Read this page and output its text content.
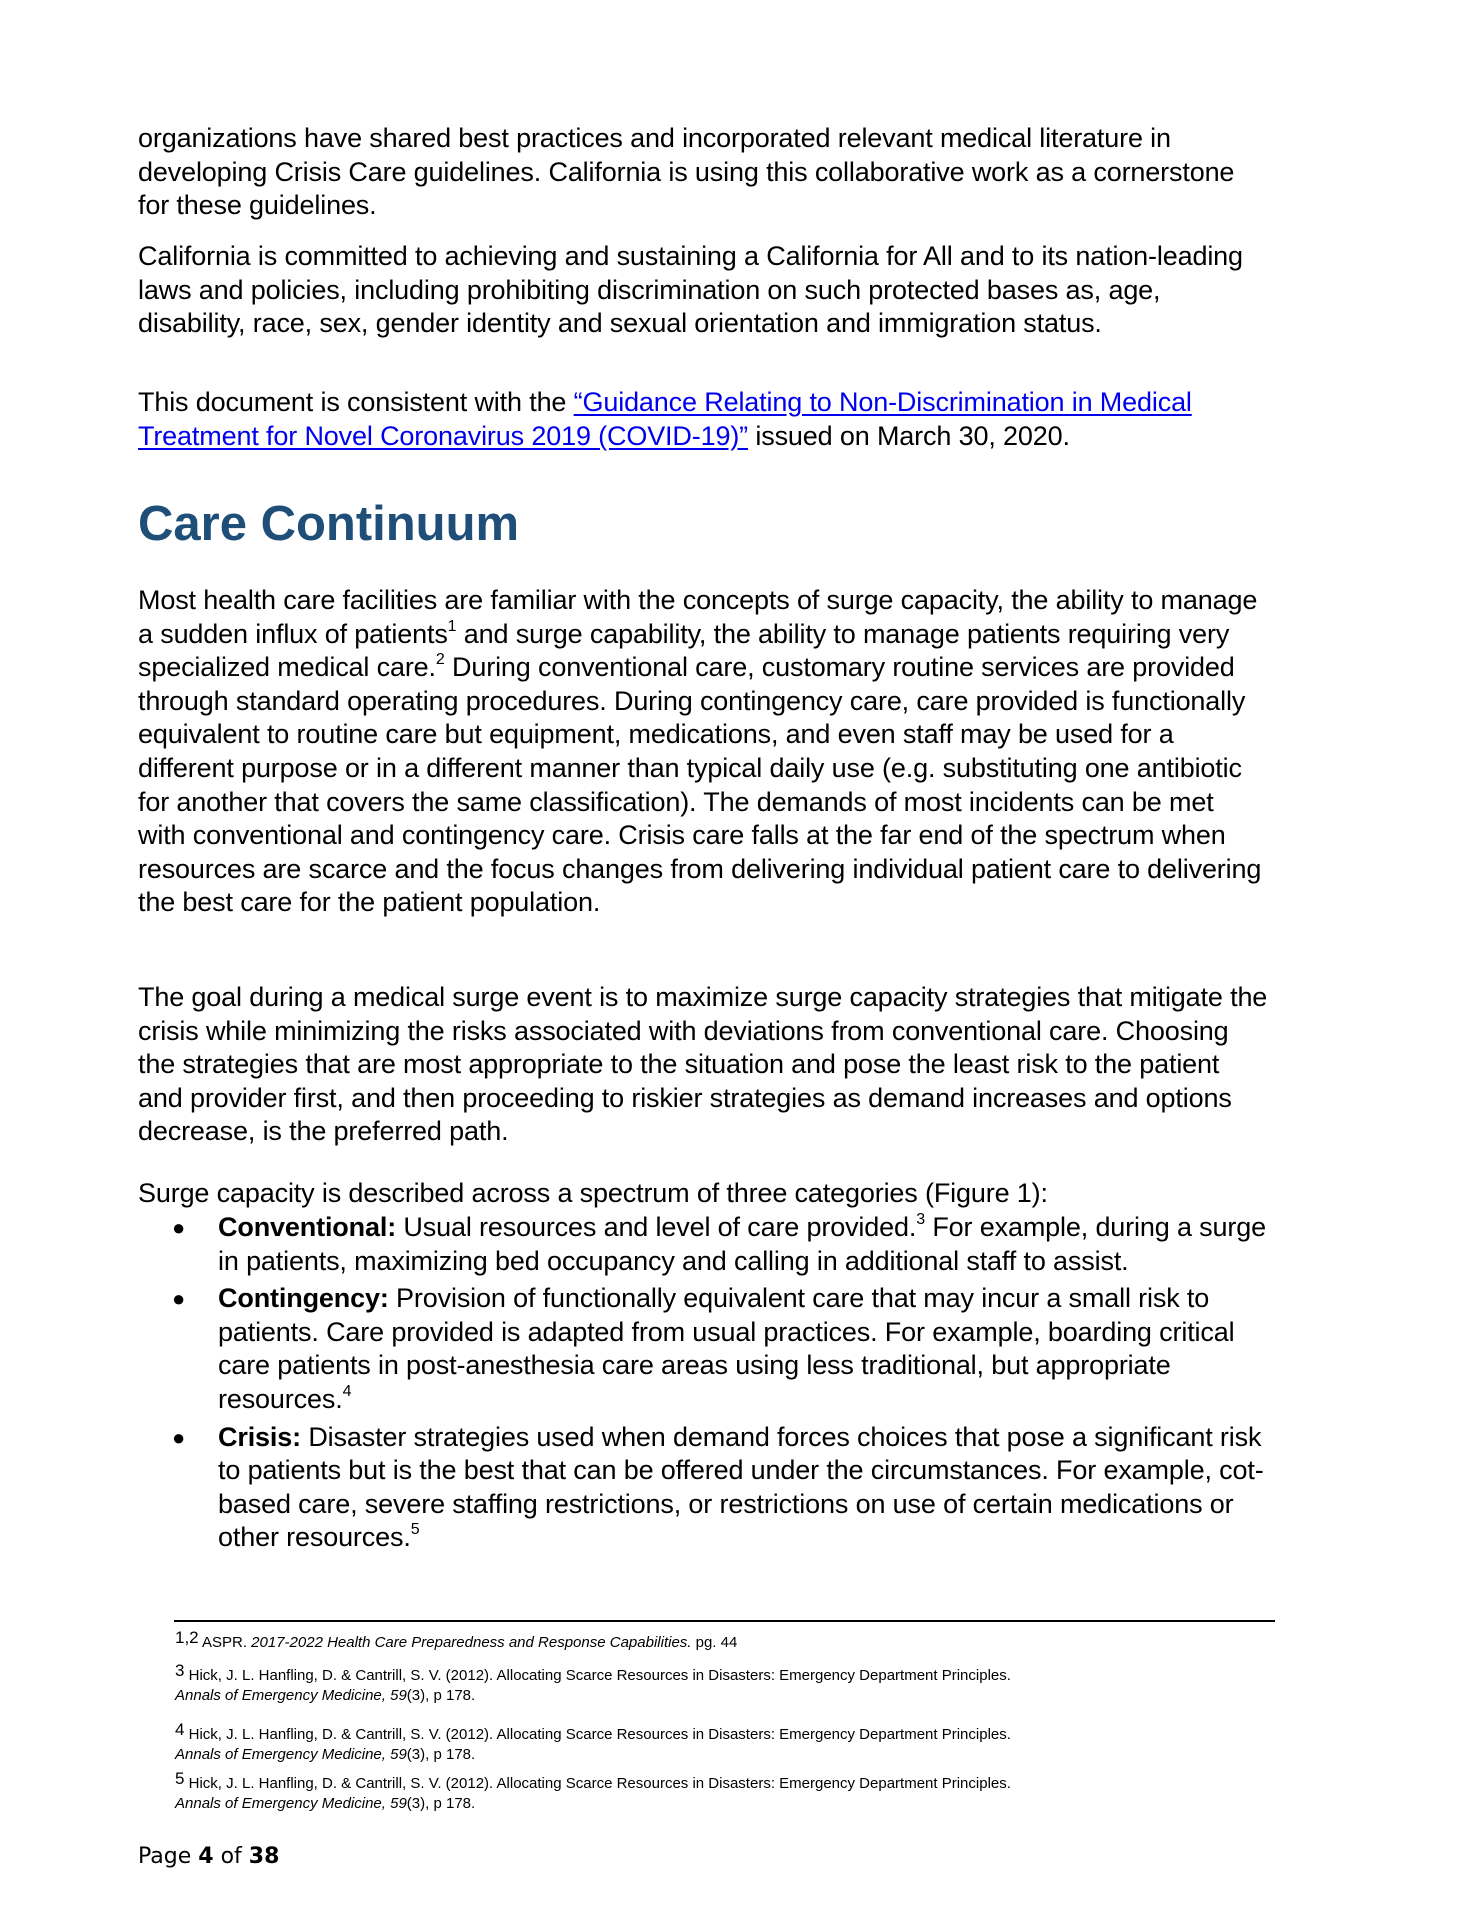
organizations have shared best practices and incorporated relevant medical literature in developing Crisis Care guidelines. California is using this collaborative work as a cornerstone for these guidelines.

California is committed to achieving and sustaining a California for All and to its nation-leading laws and policies, including prohibiting discrimination on such protected bases as, age, disability, race, sex, gender identity and sexual orientation and immigration status.

This document is consistent with the “Guidance Relating to Non-Discrimination in Medical Treatment for Novel Coronavirus 2019 (COVID-19)” issued on March 30, 2020.

Care Continuum

Most health care facilities are familiar with the concepts of surge capacity, the ability to manage a sudden influx of patients$^1$ and surge capability, the ability to manage patients requiring very specialized medical care.$^2$ During conventional care, customary routine services are provided through standard operating procedures. During contingency care, care provided is functionally equivalent to routine care but equipment, medications, and even staff may be used for a different purpose or in a different manner than typical daily use (e.g. substituting one antibiotic for another that covers the same classification). The demands of most incidents can be met with conventional and contingency care. Crisis care falls at the far end of the spectrum when resources are scarce and the focus changes from delivering individual patient care to delivering the best care for the patient population.

The goal during a medical surge event is to maximize surge capacity strategies that mitigate the crisis while minimizing the risks associated with deviations from conventional care. Choosing the strategies that are most appropriate to the situation and pose the least risk to the patient and provider first, and then proceeding to riskier strategies as demand increases and options decrease, is the preferred path.

Surge capacity is described across a spectrum of three categories (Figure 1):

● Conventional: Usual resources and level of care provided.$^3$ For example, during a surge in patients, maximizing bed occupancy and calling in additional staff to assist.
● Contingency: Provision of functionally equivalent care that may incur a small risk to patients. Care provided is adapted from usual practices. For example, boarding critical care patients in post-anesthesia care areas using less traditional, but appropriate resources.$^4$
● Crisis: Disaster strategies used when demand forces choices that pose a significant risk to patients but is the best that can be offered under the circumstances. For example, cot-based care, severe staffing restrictions, or restrictions on use of certain medications or other resources.$^5$

1,2 ASPR. 2017-2022 Health Care Preparedness and Response Capabilities. pg. 44

3 Hick, J. L. Hanfling, D. & Cantrill, S. V. (2012). Allocating Scarce Resources in Disasters: Emergency Department Principles.
Annals of Emergency Medicine, 59(3), p 178.

4 Hick, J. L. Hanfling, D. & Cantrill, S. V. (2012). Allocating Scarce Resources in Disasters: Emergency Department Principles.
Annals of Emergency Medicine, 59(3), p 178.

5 Hick, J. L. Hanfling, D. & Cantrill, S. V. (2012). Allocating Scarce Resources in Disasters: Emergency Department Principles.
Annals of Emergency Medicine, 59(3), p 178.

Page 4 of 38
